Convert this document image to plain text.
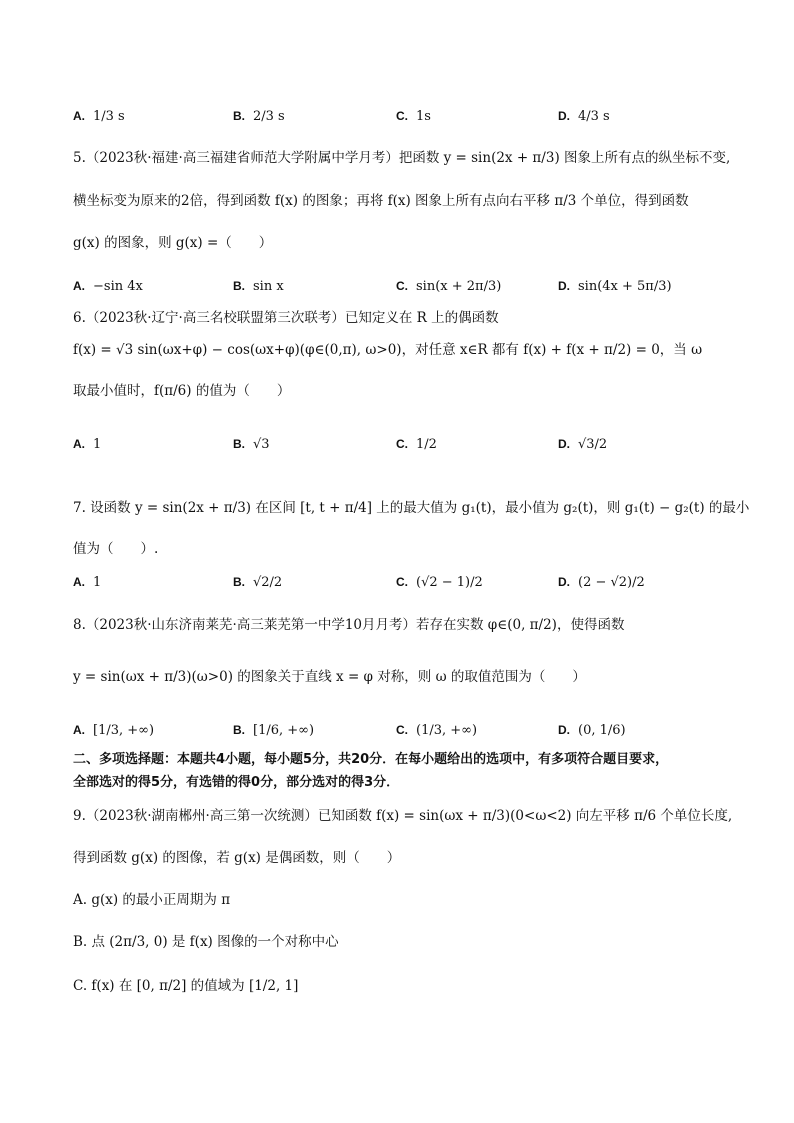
A. 1/3 s	B. 2/3 s	C. 1s	D. 4/3 s
5.（2023秋·福建·高三福建省师范大学附属中学月考）把函数 y = sin(2x + π/3) 图象上所有点的纵坐标不变,
横坐标变为原来的2倍，得到函数 f(x) 的图象；再将 f(x) 图象上所有点向右平移 π/3 个单位，得到函数
g(x) 的图象，则 g(x) =（　　）
A. −sin 4x	B. sin x	C. sin(x + 2π/3)	D. sin(4x + 5π/3)
6.（2023秋·辽宁·高三名校联盟第三次联考）已知定义在 R 上的偶函数
f(x) = √3 sin(ωx+φ) − cos(ωx+φ)(φ∈(0,π), ω>0)，对任意 x∈R 都有 f(x) + f(x + π/2) = 0，当 ω
取最小值时，f(π/6) 的值为（　　）
A. 1	B. √3	C. 1/2	D. √3/2
7. 设函数 y = sin(2x + π/3) 在区间 [t, t + π/4] 上的最大值为 g₁(t)，最小值为 g₂(t)，则 g₁(t) − g₂(t) 的最小
值为（　　）.
A. 1	B. √2/2	C. (√2 − 1)/2	D. (2 − √2)/2
8.（2023秋·山东济南莱芜·高三莱芜第一中学10月月考）若存在实数 φ∈(0, π/2)，使得函数
y = sin(ωx + π/3)(ω>0) 的图象关于直线 x = φ 对称，则 ω 的取值范围为（　　）
A. [1/3, +∞)	B. [1/6, +∞)	C. (1/3, +∞)	D. (0, 1/6)
二、多项选择题：本题共4小题，每小题5分，共20分．在每小题给出的选项中，有多项符合题目要求，
全部选对的得5分，有选错的得0分，部分选对的得3分．
9.（2023秋·湖南郴州·高三第一次统测）已知函数 f(x) = sin(ωx + π/3)(0<ω<2) 向左平移 π/6 个单位长度,
得到函数 g(x) 的图像，若 g(x) 是偶函数，则（　　）
A. g(x) 的最小正周期为 π
B. 点 (2π/3, 0) 是 f(x) 图像的一个对称中心
C. f(x) 在 [0, π/2] 的值域为 [1/2, 1]
